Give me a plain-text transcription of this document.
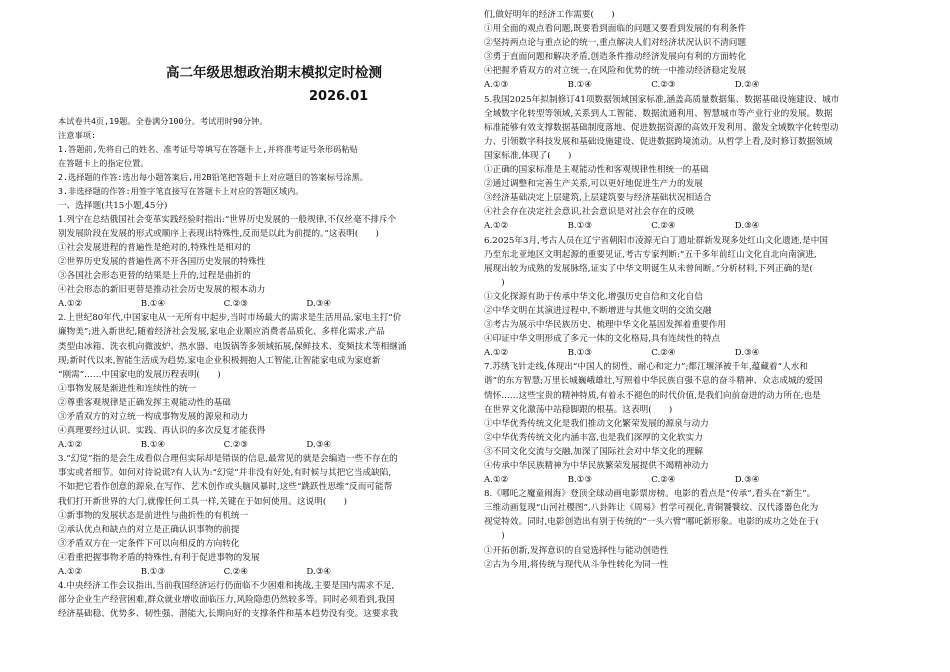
高二年级思想政治期末模拟定时检测
2026.01
本试卷共4页,19题。全卷满分100分。考试用时90分钟。
注意事项:
1.答题前,先将自己的姓名、准考证号等填写在答题卡上,并将准考证号条形码粘贴
在答题卡上的指定位置。
2.选择题的作答:选出每小题答案后,用2B铅笔把答题卡上对应题目的答案标号涂黑。
3.非选择题的作答:用签字笔直接写在答题卡上对应的答题区域内。
一、选择题(共15小题,45分)
1.列宁在总结俄国社会变革实践经验时指出:“世界历史发展的一般规律,不仅丝毫不排斥个
别发展阶段在发展的形式或顺序上表现出特殊性,反而是以此为前提的。”这表明(　　)
①社会发展进程的普遍性是绝对的,特殊性是相对的
②世界历史发展的普遍性离不开各国历史发展的特殊性
③各国社会形态更替的结果是上升的,过程是曲折的
④社会形态的新旧更替是推动社会历史发展的根本动力
A.①②	B.①④	C.②③	D.③④
2.上世纪80年代,中国家电从一无所有中起步,当时市场最大的需求是生活用品,家电主打“价
廉物美”;进入新世纪,随着经济社会发展,家电企业顺应消费者品质化、多样化需求,产品
类型由冰箱、洗衣机向微波炉、热水器、电饭锅等多领域拓展,保鲜技术、变频技术等相继涌
现;新时代以来,智能生活成为趋势,家电企业积极拥抱人工智能,让智能家电成为家庭新
“刚需”……中国家电的发展历程表明(　　)
①事物发展是渐进性和连续性的统一
②尊重客观规律是正确发挥主观能动性的基础
③矛盾双方的对立统一构成事物发展的源泉和动力
④真理要经过认识、实践、再认识的多次反复才能获得
A.①②	B.①④	C.②③	D.③④
3.“幻觉”指的是会生成看似合理但实际却是错误的信息,最常见的就是会编造一些不存在的
事实或者细节。如何对待说谎?有人认为:“幻觉”并非没有好处,有时候与其把它当成缺陷,
不如把它看作创意的源泉,在写作、艺术创作或头脑风暴时,这些“跳跃性思维”反而可能帮
我们打开新世界的大门,就像任何工具一样,关键在于如何使用。这说明(　　)
①新事物的发展状态是前进性与曲折性的有机统一
②承认优点和缺点的对立是正确认识事物的前提
③矛盾双方在一定条件下可以向相反的方向转化
④看重把握事物矛盾的特殊性,有利于促进事物的发展
A.①②	B.①③	C.②④	D.③④
4.中央经济工作会议指出,当前我国经济运行仍面临不少困难和挑战,主要是国内需求不足,
部分企业生产经营困难,群众就业增收面临压力,风险隐患仍然较多等。同时必须看到,我国
经济基础稳、优势多、韧性强、潜能大,长期向好的支撑条件和基本趋势没有变。这要求我
们,做好明年的经济工作需要(　　)
①用全面的观点看问题,既要看到面临的问题又要看到发展的有利条件
②坚持两点论与重点论的统一,重点解决人们对经济状况认识不清问题
③勇于直面问题和解决矛盾,创造条件推动经济发展向有利的方面转化
④把握矛盾双方的对立统一,在风险和优势的统一中推动经济稳定发展
A.①③	B.①④	C.②③	D.②④
5.我国2025年拟制修订41项数据领域国家标准,涵盖高质量数据集、数据基础设施建设、城市
全域数字化转型等领域,关系到人工智能、数据流通利用、智慧城市等产业行业的发展。数据
标准能够有效支撑数据基础制度落地、促进数据资源的高效开发利用、激发全域数字化转型动
力、引领数字科技发展和基础设施建设、促进数据跨境流动。从哲学上看,及时修订数据领域
国家标准,体现了(　　)
①正确的国家标准是主观能动性和客观规律性相统一的基础
②通过调整和完善生产关系,可以更好地促进生产力的发展
③经济基础决定上层建筑,上层建筑要与经济基础状况相适合
④社会存在决定社会意识,社会意识是对社会存在的反映
A.①②	B.①③	C.②④	D.③④
6.2025年3月,考古人员在辽宁省朝阳市凌源无白丁遗址群新发现多处红山文化遗迹,是中国
乃至东北亚地区文明起源的重要见证,考古专家判断:“五千多年前红山文化自北向南演进,
展现出较为成熟的发展脉络,证实了中华文明诞生从未曾间断。”分析材料,下列正确的是(
　　)
①文化探源有助于传承中华文化,增强历史自信和文化自信
②中华文明在其演进过程中,不断增进与其他文明的交流交融
③考古为展示中华民族历史、梳理中华文化基因发挥着重要作用
④印证中华文明形成了多元一体的文化格局,具有连续性的特点
A.①②	B.①③	C.②④	D.③④
7.苏绣飞针走线,体现出“中国人的韧性、耐心和定力”;都江堰泽被千年,蕴藏着“人水和
谐”的东方智慧;万里长城巍峨雄壮,写照着中华民族自强不息的奋斗精神、众志成城的爱国
情怀……这些宝贵的精神特质,有着永不褪色的时代价值,是我们向前奋进的动力所在,也是
在世界文化激荡中站稳脚跟的根基。这表明(　　)
①中华优秀传统文化是我们推动文化繁荣发展的源泉与动力
②中华优秀传统文化内涵丰富,也是我们深厚的文化软实力
③不同文化交流与交融,加深了国际社会对中华文化的理解
④传承中华民族精神为中华民族繁荣发展提供不竭精神动力
A.①②	B.①③	C.②④	D.③④
8.《哪吒之魔童闹海》登顶全球动画电影票房榜。电影的看点是“传承”,看头在“新生”。
三维动画复现“山河社稷图”,八卦阵让《周易》哲学可视化,青铜饕餮纹、汉代漆器色化为
视觉特效。同时,电影创造出有别于传统的“一头六臂”哪吒新形象。电影的成功之处在于(
　　)
①开拓创新,发挥意识的自觉选择性与能动创造性
②古为今用,将传统与现代从斗争性转化为同一性
